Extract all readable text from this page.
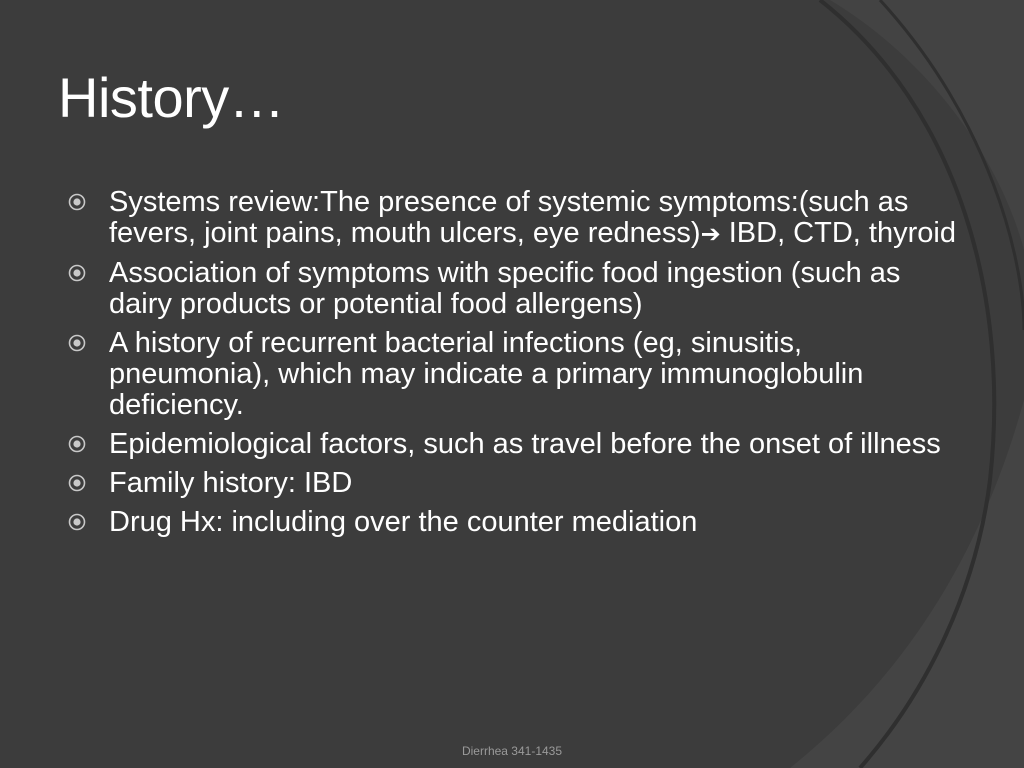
History…
Systems review:The presence of systemic symptoms:(such as fevers, joint pains, mouth ulcers, eye redness)➔ IBD, CTD, thyroid
Association of symptoms with specific food ingestion (such as dairy products or potential food allergens)
A history of recurrent bacterial infections (eg, sinusitis, pneumonia), which may indicate a primary immunoglobulin deficiency.
Epidemiological factors, such as travel before the onset of illness
Family history: IBD
Drug Hx: including over the counter mediation
Dierrhea 341-1435
